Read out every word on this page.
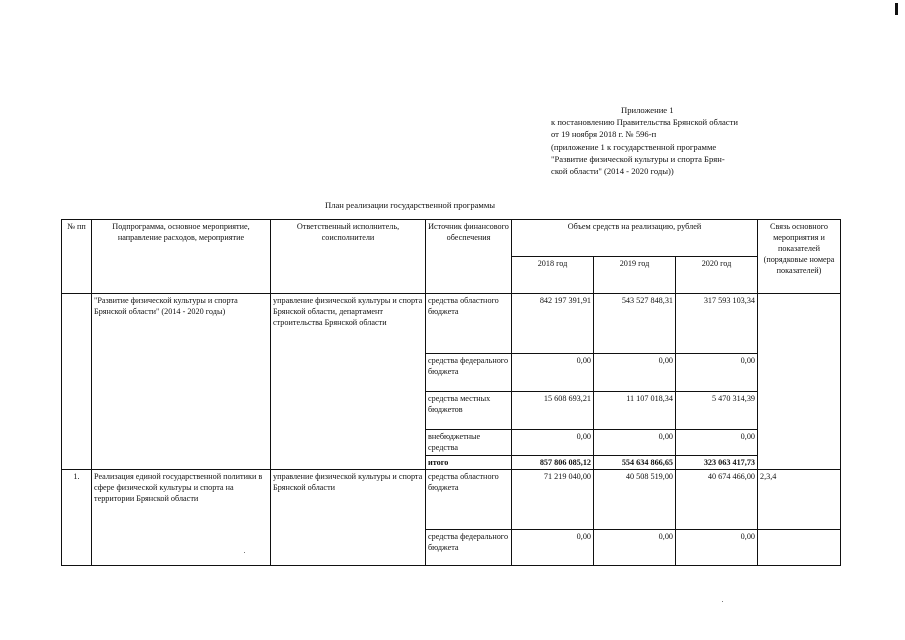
Приложение 1
к постановлению Правительства Брянской области
от 19 ноября 2018 г. № 596-п
(приложение 1 к государственной программе
"Развитие физической культуры и спорта Брян-
ской области" (2014 - 2020 годы))
План реализации государственной программы
№ пп	Подпрограмма, основное мероприятие, направление расходов, мероприятие	Ответственный исполнитель, соисполнители	Источник финансового обеспечения	Объем средств на реализацию, рублей			Связь основного мероприятия и показателей (порядковые номера показателей)
				2018 год	2019 год	2020 год	
	"Развитие физической культуры и спорта Брянской области" (2014 - 2020 годы)	управление физической культуры и спорта Брянской области, департамент строительства Брянской области	средства областного бюджета	842 197 391,91	543 527 848,31	317 593 103,34	
			средства федерального бюджета	0,00	0,00	0,00	
			средства местных бюджетов	15 608 693,21	11 107 018,34	5 470 314,39	
			внебюджетные средства	0,00	0,00	0,00	
			итого	857 806 085,12	554 634 866,65	323 063 417,73	
1.	Реализация единой государственной политики в сфере физической культуры и спорта на территории Брянской области	управление физической культуры и спорта Брянской области	средства областного бюджета	71 219 040,00	40 508 519,00	40 674 466,00	2,3,4
			средства федерального бюджета	0,00	0,00	0,00	
